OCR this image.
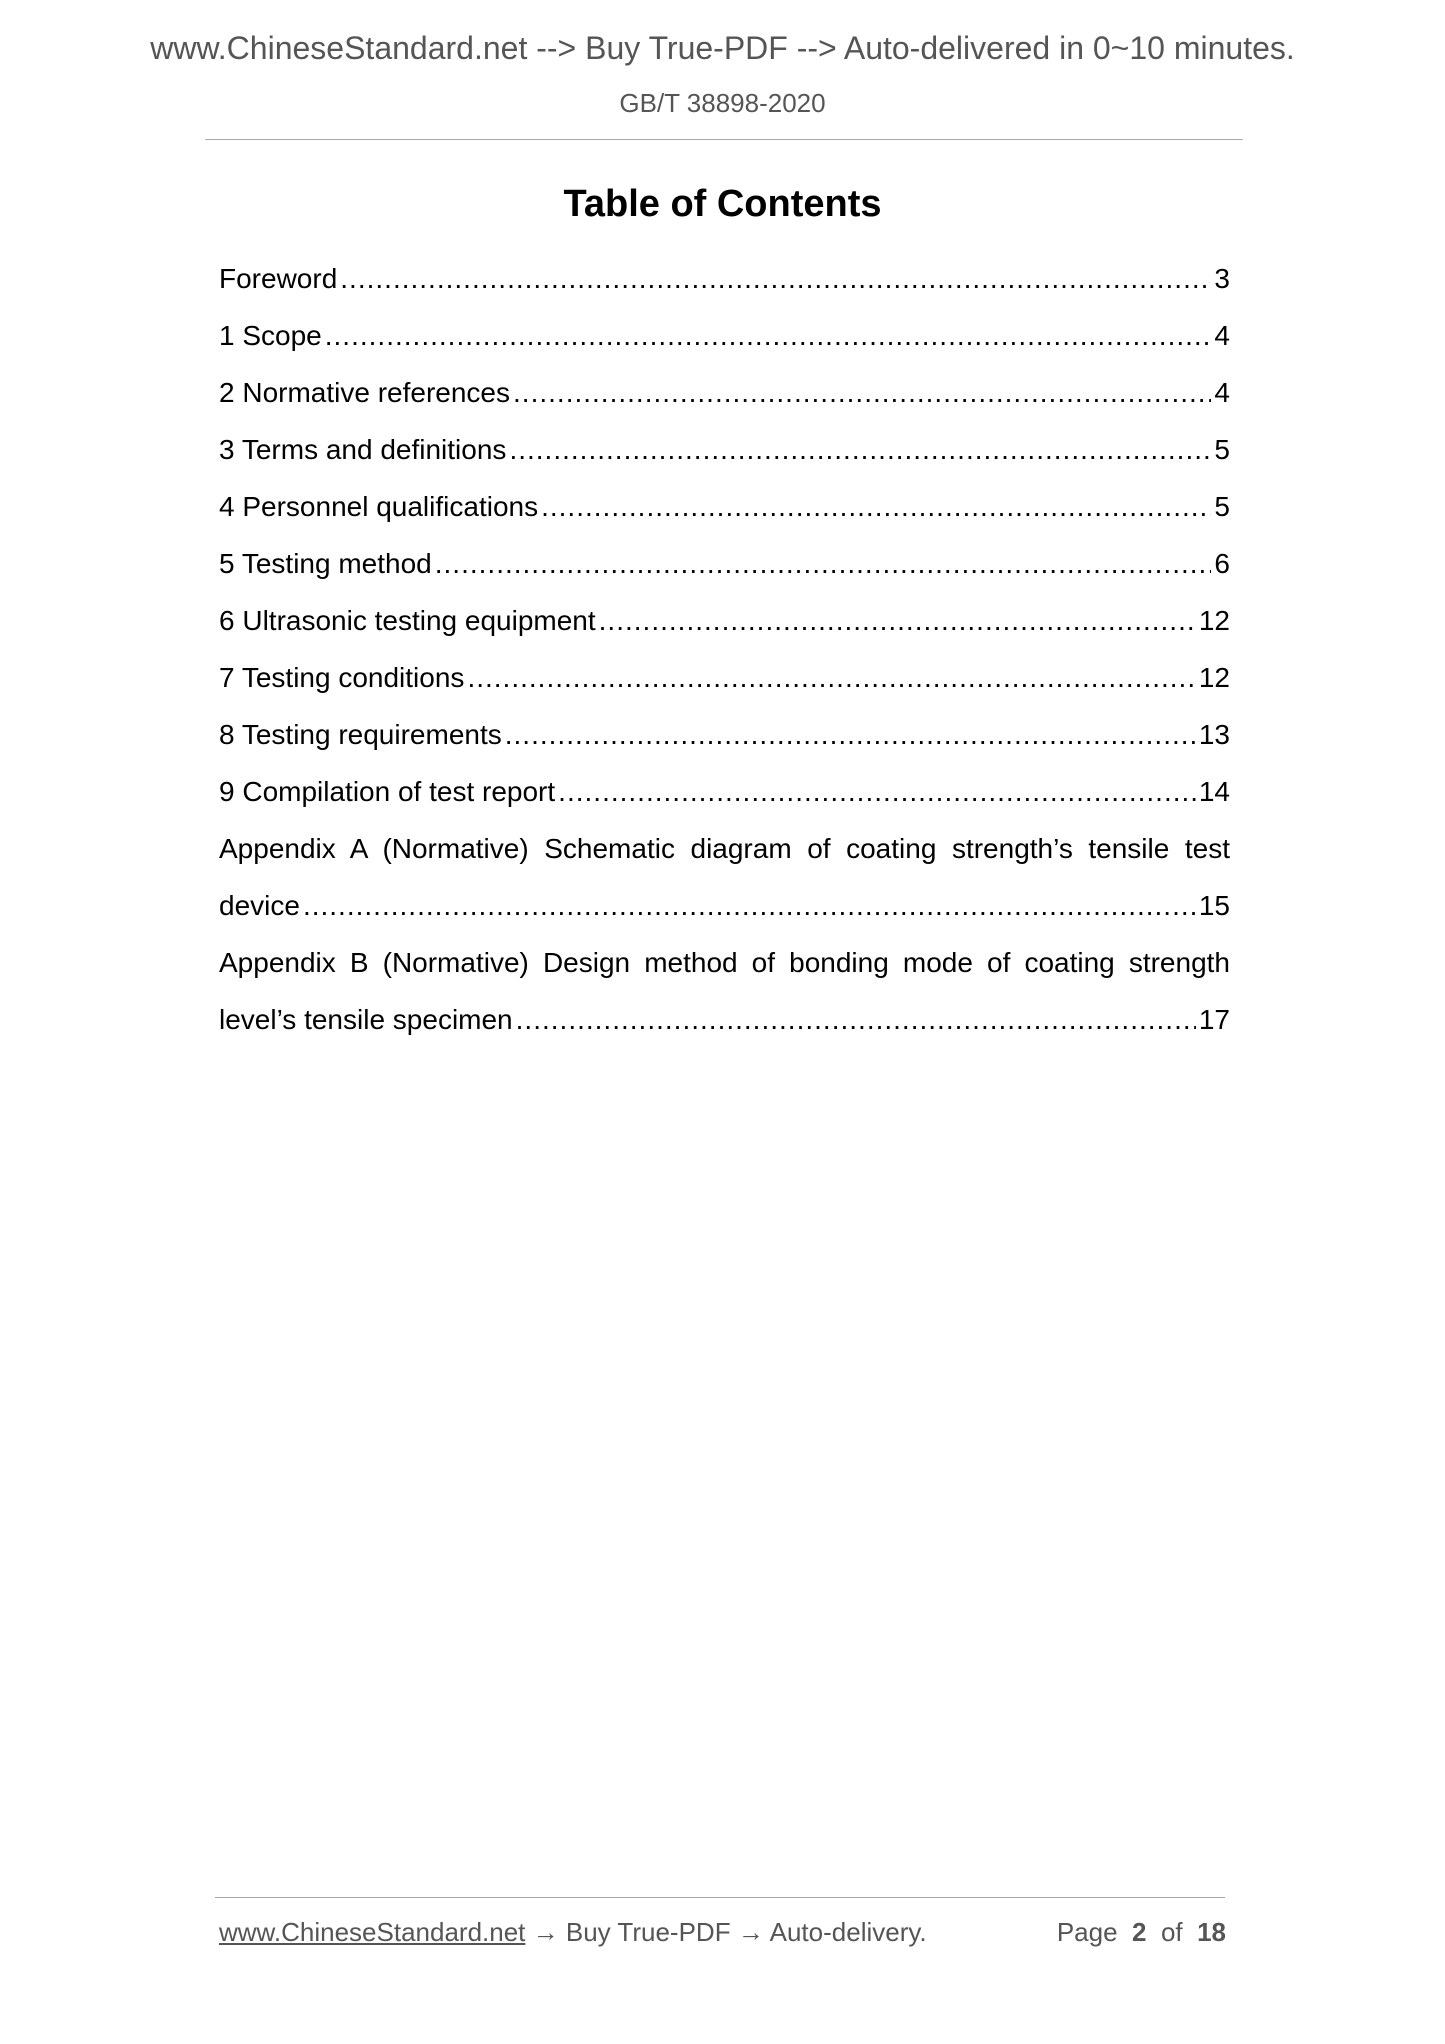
www.ChineseStandard.net --> Buy True-PDF --> Auto-delivered in 0~10 minutes.

GB/T 38898-2020

Table of Contents
Foreword .....	3
1 Scope .....	4
2 Normative references .....	4
3 Terms and definitions .....	5
4 Personnel qualifications .....	5
5 Testing method .....	6
6 Ultrasonic testing equipment .....	12
7 Testing conditions .....	12
8 Testing requirements .....	13
9 Compilation of test report .....	14
Appendix A (Normative) Schematic diagram of coating strength’s tensile test
device .....	15
Appendix B (Normative) Design method of bonding mode of coating strength
level’s tensile specimen .....	17
www.ChineseStandard.net → Buy True-PDF → Auto-delivery.	Page 2 of 18
